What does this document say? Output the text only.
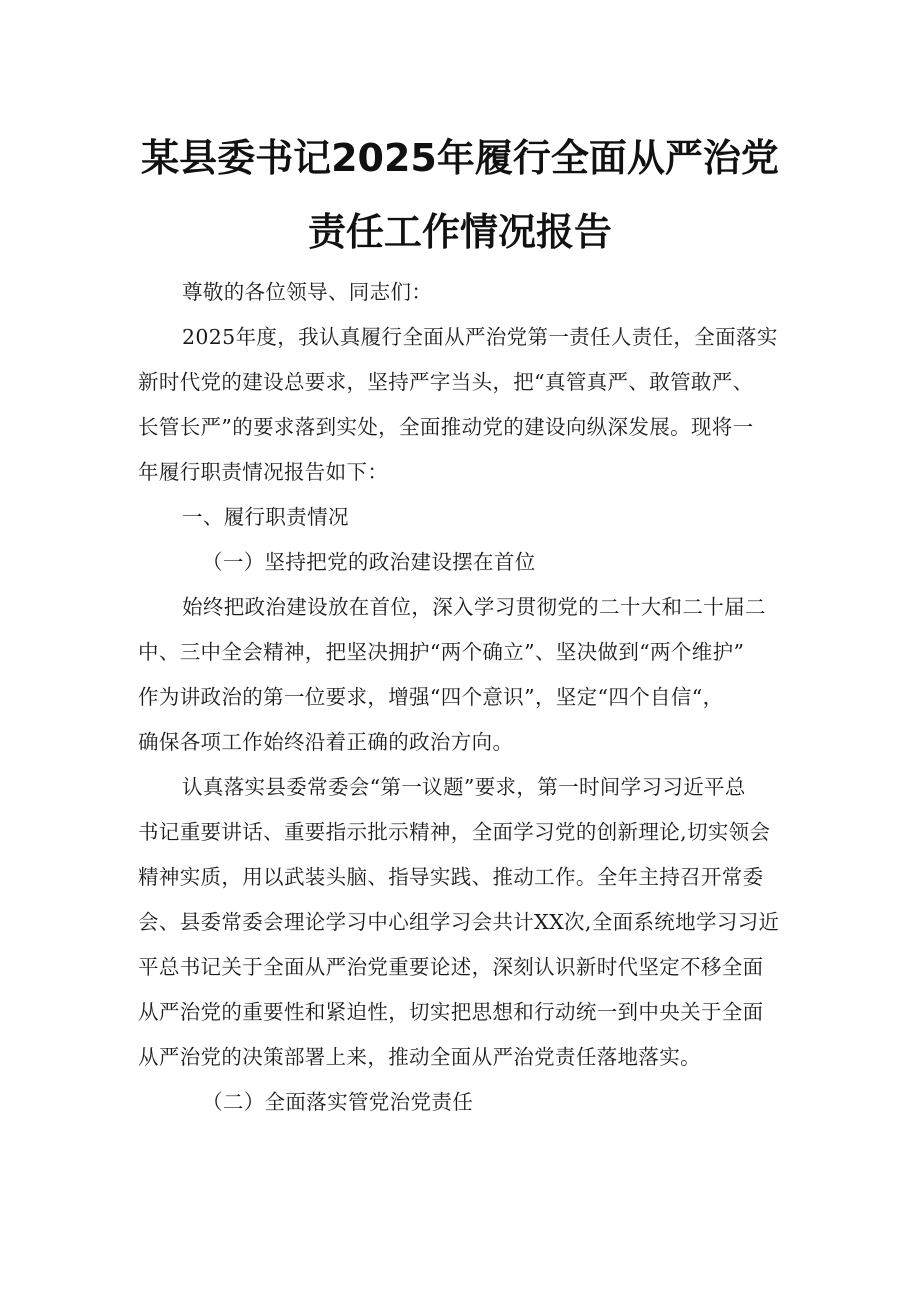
某县委书记2025年履行全面从严治党
责任工作情况报告
尊敬的各位领导、同志们：
2025年度，我认真履行全面从严治党第一责任人责任，全面落实
新时代党的建设总要求，坚持严字当头，把“真管真严、敢管敢严、
长管长严”的要求落到实处，全面推动党的建设向纵深发展。现将一
年履行职责情况报告如下：
一、履行职责情况
（一）坚持把党的政治建设摆在首位
始终把政治建设放在首位，深入学习贯彻党的二十大和二十届二
中、三中全会精神，把坚决拥护“两个确立”、坚决做到“两个维护”
作为讲政治的第一位要求，增强“四个意识”，坚定“四个自信“，
确保各项工作始终沿着正确的政治方向。
认真落实县委常委会“第一议题”要求，第一时间学习习近平总
书记重要讲话、重要指示批示精神，全面学习党的创新理论,切实领会
精神实质，用以武装头脑、指导实践、推动工作。全年主持召开常委
会、县委常委会理论学习中心组学习会共计XX次,全面系统地学习习近
平总书记关于全面从严治党重要论述，深刻认识新时代坚定不移全面
从严治党的重要性和紧迫性，切实把思想和行动统一到中央关于全面
从严治党的决策部署上来，推动全面从严治党责任落地落实。
（二）全面落实管党治党责任
